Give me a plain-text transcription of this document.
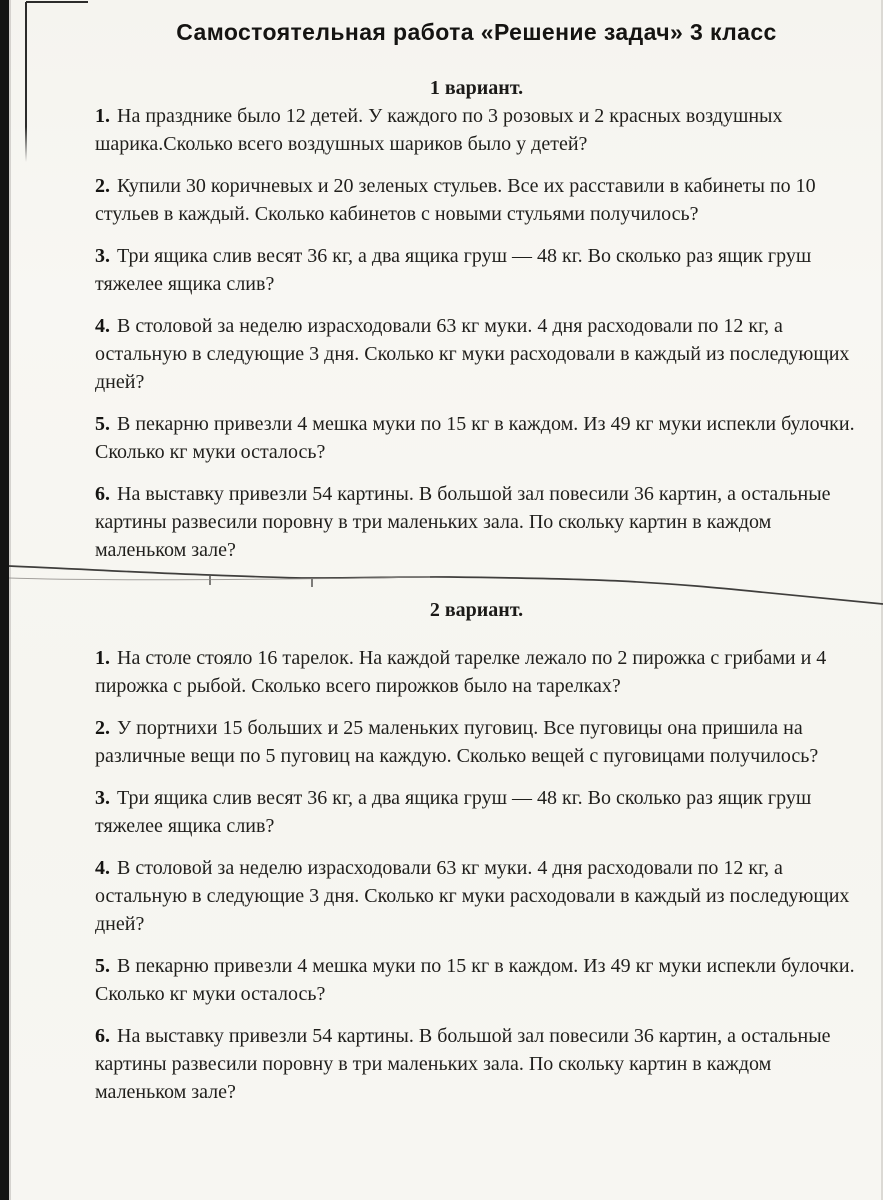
Самостоятельная работа «Решение задач» 3 класс
1 вариант.

1. На празднике было 12 детей. У каждого по 3 розовых и 2 красных воздушных шарика.Сколько всего воздушных шариков было у детей?

2. Купили 30 коричневых и 20 зеленых стульев. Все их расставили в кабинеты по 10 стульев в каждый. Сколько кабинетов с новыми стульями получилось?

3. Три ящика слив весят 36 кг, а два ящика груш — 48 кг. Во сколько раз ящик груш тяжелее ящика слив?

4. В столовой за неделю израсходовали 63 кг муки. 4 дня расходовали по 12 кг, а остальную в следующие 3 дня. Сколько кг муки расходовали в каждый из последующих дней?

5. В пекарню привезли 4 мешка муки по 15 кг в каждом. Из 49 кг муки испекли булочки. Сколько кг муки осталось?

6. На выставку привезли 54 картины. В большой зал повесили 36 картин, а остальные картины развесили поровну в три маленьких зала. По скольку картин в каждом маленьком зале?

2 вариант.

1. На столе стояло 16 тарелок. На каждой тарелке лежало по 2 пирожка с грибами и 4 пирожка с рыбой. Сколько всего пирожков было на тарелках?

2. У портнихи 15 больших и 25 маленьких пуговиц. Все пуговицы она пришила на различные вещи по 5 пуговиц на каждую. Сколько вещей с пуговицами получилось?

3. Три ящика слив весят 36 кг, а два ящика груш — 48 кг. Во сколько раз ящик груш тяжелее ящика слив?

4. В столовой за неделю израсходовали 63 кг муки. 4 дня расходовали по 12 кг, а остальную в следующие 3 дня. Сколько кг муки расходовали в каждый из последующих дней?

5. В пекарню привезли 4 мешка муки по 15 кг в каждом. Из 49 кг муки испекли булочки. Сколько кг муки осталось?

6. На выставку привезли 54 картины. В большой зал повесили 36 картин, а остальные картины развесили поровну в три маленьких зала. По скольку картин в каждом маленьком зале?
